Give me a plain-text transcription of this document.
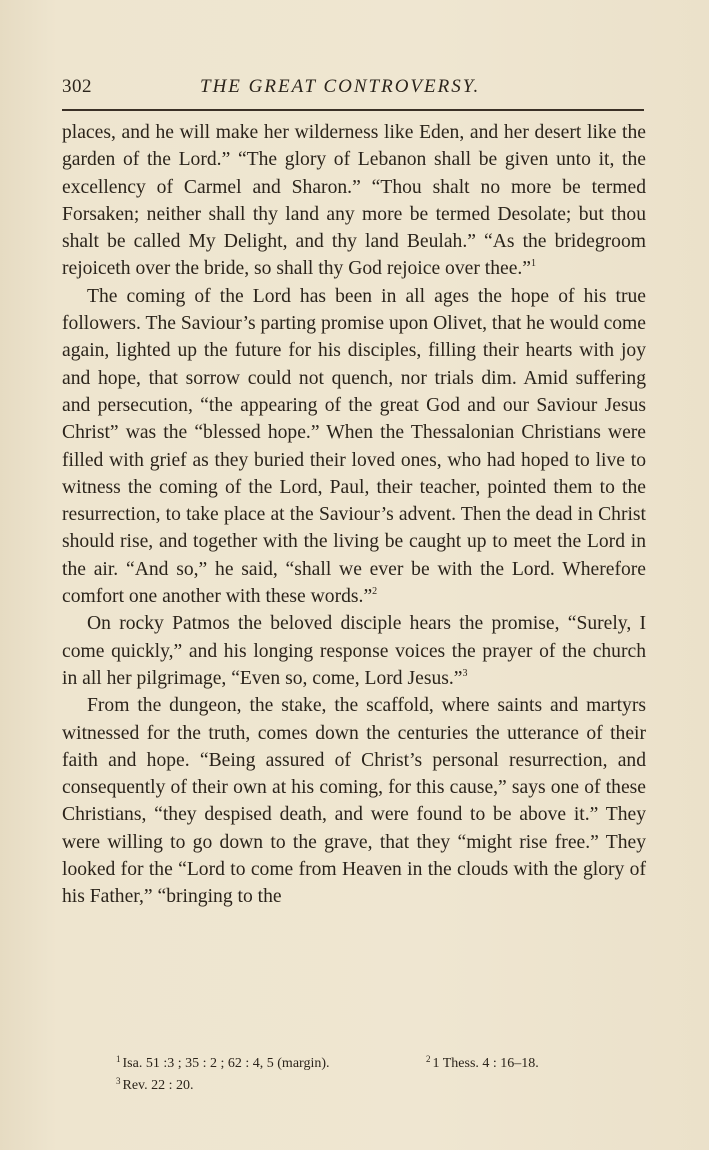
302	THE GREAT CONTROVERSY.

places, and he will make her wilderness like Eden, and her desert like the garden of the Lord.” “The glory of Lebanon shall be given unto it, the excellency of Carmel and Sharon.” “Thou shalt no more be termed Forsaken; neither shall thy land any more be termed Desolate; but thou shalt be called My Delight, and thy land Beulah.” “As the bridegroom rejoiceth over the bride, so shall thy God rejoice over thee.”$^1$

The coming of the Lord has been in all ages the hope of his true followers. The Saviour’s parting promise upon Olivet, that he would come again, lighted up the future for his disciples, filling their hearts with joy and hope, that sorrow could not quench, nor trials dim. Amid suffering and persecution, “the appearing of the great God and our Saviour Jesus Christ” was the “blessed hope.” When the Thessalonian Christians were filled with grief as they buried their loved ones, who had hoped to live to witness the coming of the Lord, Paul, their teacher, pointed them to the resurrection, to take place at the Saviour’s advent. Then the dead in Christ should rise, and together with the living be caught up to meet the Lord in the air. “And so,” he said, “shall we ever be with the Lord. Wherefore comfort one another with these words.”$^2$

On rocky Patmos the beloved disciple hears the promise, “Surely, I come quickly,” and his longing response voices the prayer of the church in all her pilgrimage, “Even so, come, Lord Jesus.”$^3$

From the dungeon, the stake, the scaffold, where saints and martyrs witnessed for the truth, comes down the centuries the utterance of their faith and hope. “Being assured of Christ’s personal resurrection, and consequently of their own at his coming, for this cause,” says one of these Christians, “they despised death, and were found to be above it.” They were willing to go down to the grave, that they “might rise free.” They looked for the “Lord to come from Heaven in the clouds with the glory of his Father,” “bringing to the

$^1$ Isa. 51 :3 ; 35 : 2 ; 62 : 4, 5 (margin).	$^2$ 1 Thess. 4 : 16–18.
$^3$ Rev. 22 : 20.
